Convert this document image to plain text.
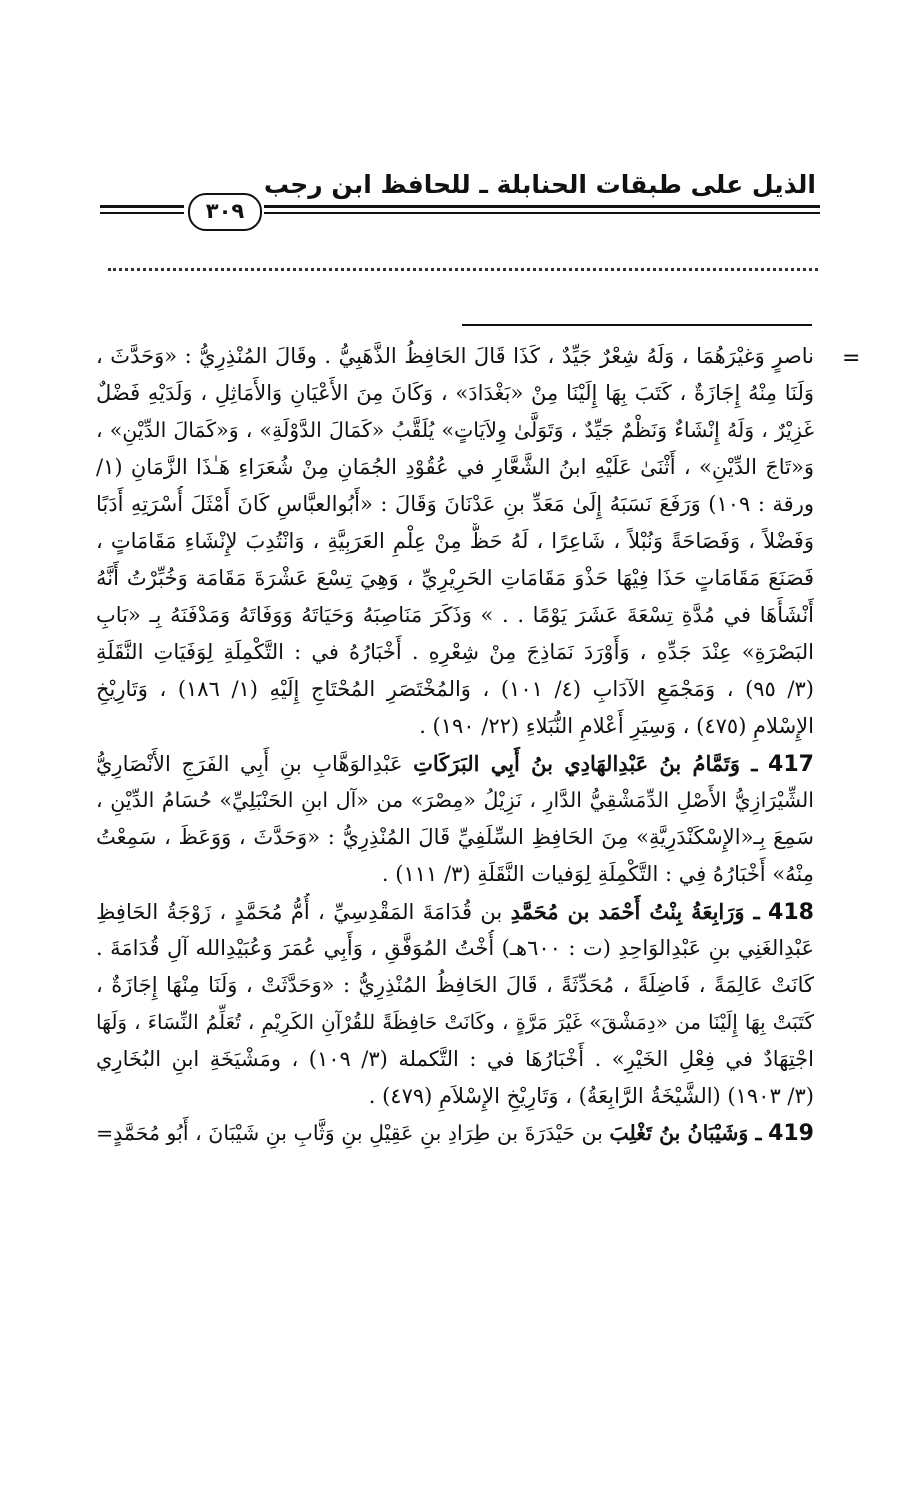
الذيل على طبقات الحنابلة ـ للحافظ ابن رجب
٣٠٩
=
ناصرٍ وَغيْرَهُمَا ، وَلَهُ شِعْرٌ جَيِّدٌ ، كَذَا قَالَ الحَافِظُ الذَّهَبِيُّ . وقَالَ المُنْذِرِيُّ : «وَحَدَّثَ ،
وَلَنَا مِنْهُ إِجَازَةٌ ، كَتَبَ بِهَا إِلَيْنَا مِنْ «بَغْدَادَ» ، وَكَانَ مِنَ الأَعْيَانِ وَالأَمَاثِلِ ، وَلَدَيْهِ فَضْلٌ
غَزِيْرٌ ، وَلَهُ إِنْشَاءٌ وَنَظْمٌ جَيِّدٌ ، وَتَوَلَّىٰ وِلاَيَاتٍ» يُلَقَّبُ «كَمَالَ الدَّوْلَةِ» ، وَ«كَمَالَ الدِّيْنِ» ،
وَ«تَاجَ الدِّيْنِ» ، أَثْنَىٰ عَلَيْهِ ابنُ الشَّعَّارِ في عُقُوْدِ الجُمَانِ مِنْ شُعَرَاءِ هَـٰذَا الزَّمَانِ (١/
ورقة : ١٠٩) وَرَفَعَ نَسَبَهُ إِلَىٰ مَعَدِّ بنِ عَدْنَانَ وَقَالَ : «أَبُوالعبَّاسِ كَانَ أَمْثَلَ أُسْرَتِهِ أَدَبًا
وَفَضْلاً ، وَفَصَاحَةً وَنُبْلاً ، شَاعِرًا ، لَهُ حَظٌّ مِنْ عِلْمِ العَرَبِيَّةِ ، وَانْتُدِبَ لإِنْشَاءِ مَقَامَاتٍ ،
فَصَنَعَ مَقَامَاتٍ حَذَا فِيْهَا حَذْوَ مَقَامَاتِ الحَرِيْرِيِّ ، وَهِيَ تِسْعَ عَشْرَةَ مَقَامَة وَخُبِّرْتُ أَنَّهُ
أَنْشَأَهَا في مُدَّةِ تِسْعَةَ عَشَرَ يَوْمًا . . » وَذَكَرَ مَنَاصِبَهُ وَحَيَاتَهُ وَوَفَاتَهُ وَمَدْفَنَهُ بِـ «بَابِ
البَصْرَةِ» عِنْدَ جَدِّهِ ، وَأَوْرَدَ نَمَاذِجَ مِنْ شِعْرِهِ . أَخْبَارُهُ في : التَّكْمِلَةِ لِوَفَيَاتِ النَّقَلَةِ
(٣/ ٩٥) ، وَمَجْمَعِ الآدَابِ (٤/ ١٠١) ، وَالمُخْتَصَرِ المُحْتَاجِ إِلَيْهِ (١/ ١٨٦) ، وَتَارِيْخِ
الإِسْلامِ (٤٧٥) ، وَسِيَرِ أَعْلامِ النُّبَلاءِ (٢٢/ ١٩٠) .
417 ـ وَتَمَّامُ بنُ عَبْدِالهَادِي بنُ أَبِي البَرَكَاتِ عَبْدِالوَهَّابِ بنِ أَبِي الفَرَجِ الأَنْصَارِيُّ
الشِّيْرَازِيُّ الأَصْلِ الدِّمَشْقِيُّ الدَّارِ ، نَزِيْلُ «مِصْرَ» من «آل ابنِ الحَنْبَلِيِّ» حُسَامُ الدِّيْنِ ،
سَمِعَ بِـ«الإِسْكَنْدَرِيَّةِ» مِنَ الحَافِظِ السِّلَفِيِّ قَالَ المُنْذِرِيُّ : «وَحَدَّثَ ، وَوَعَظَ ، سَمِعْتُ
مِنْهُ» أَخْبَارُهُ فِي : التَّكْمِلَةِ لِوَفيات النَّقَلَةِ (٣/ ١١١) .
418 ـ وَرَابِعَةُ بِنْتُ أَحْمَد بن مُحَمَّدِ بن قُدَامَةَ المَقْدِسِيِّ ، أُمُّ مُحَمَّدٍ ، زَوْجَةُ الحَافِظِ
عَبْدِالغَنِي بنِ عَبْدِالوَاحِدِ (ت : ٦٠٠هـ) أُخْتُ المُوَفَّقِ ، وَأَبِي عُمَرَ وَعُبَيْدِالله آلِ قُدَامَةَ .
كَانَتْ عَالِمَةً ، فَاضِلَةً ، مُحَدِّثَةً ، قَالَ الحَافِظُ المُنْذِرِيُّ : «وَحَدَّثَتْ ، وَلَنَا مِنْهَا إِجَازَةٌ ،
كَتَبَتْ بِهَا إِلَيْنَا من «دِمَشْقَ» غَيْرَ مَرَّةٍ ، وكَانَتْ حَافِظَةً للقُرْآنِ الكَرِيْمِ ، تُعَلِّمُ النِّسَاءَ ، وَلَهَا
اجْتِهَادٌ في فِعْلِ الخَيْرِ» . أَخْبَارُهَا في : التَّكملة (٣/ ١٠٩) ، ومَشْيَخَةِ ابنِ البُخَارِي
(٣/ ١٩٠٣) (الشَّيْخَةُ الرَّابِعَةُ) ، وَتَارِيْخِ الإِسْلاَمِ (٤٧٩) .
419 ـ وَشَيْبَانُ بنُ تَغْلِبَ بن حَيْدَرَةَ بن طِرَادِ بنِ عَقِيْلِ بنِ وَثَّابِ بنِ شَيْبَانَ ، أَبُو مُحَمَّدٍ=
